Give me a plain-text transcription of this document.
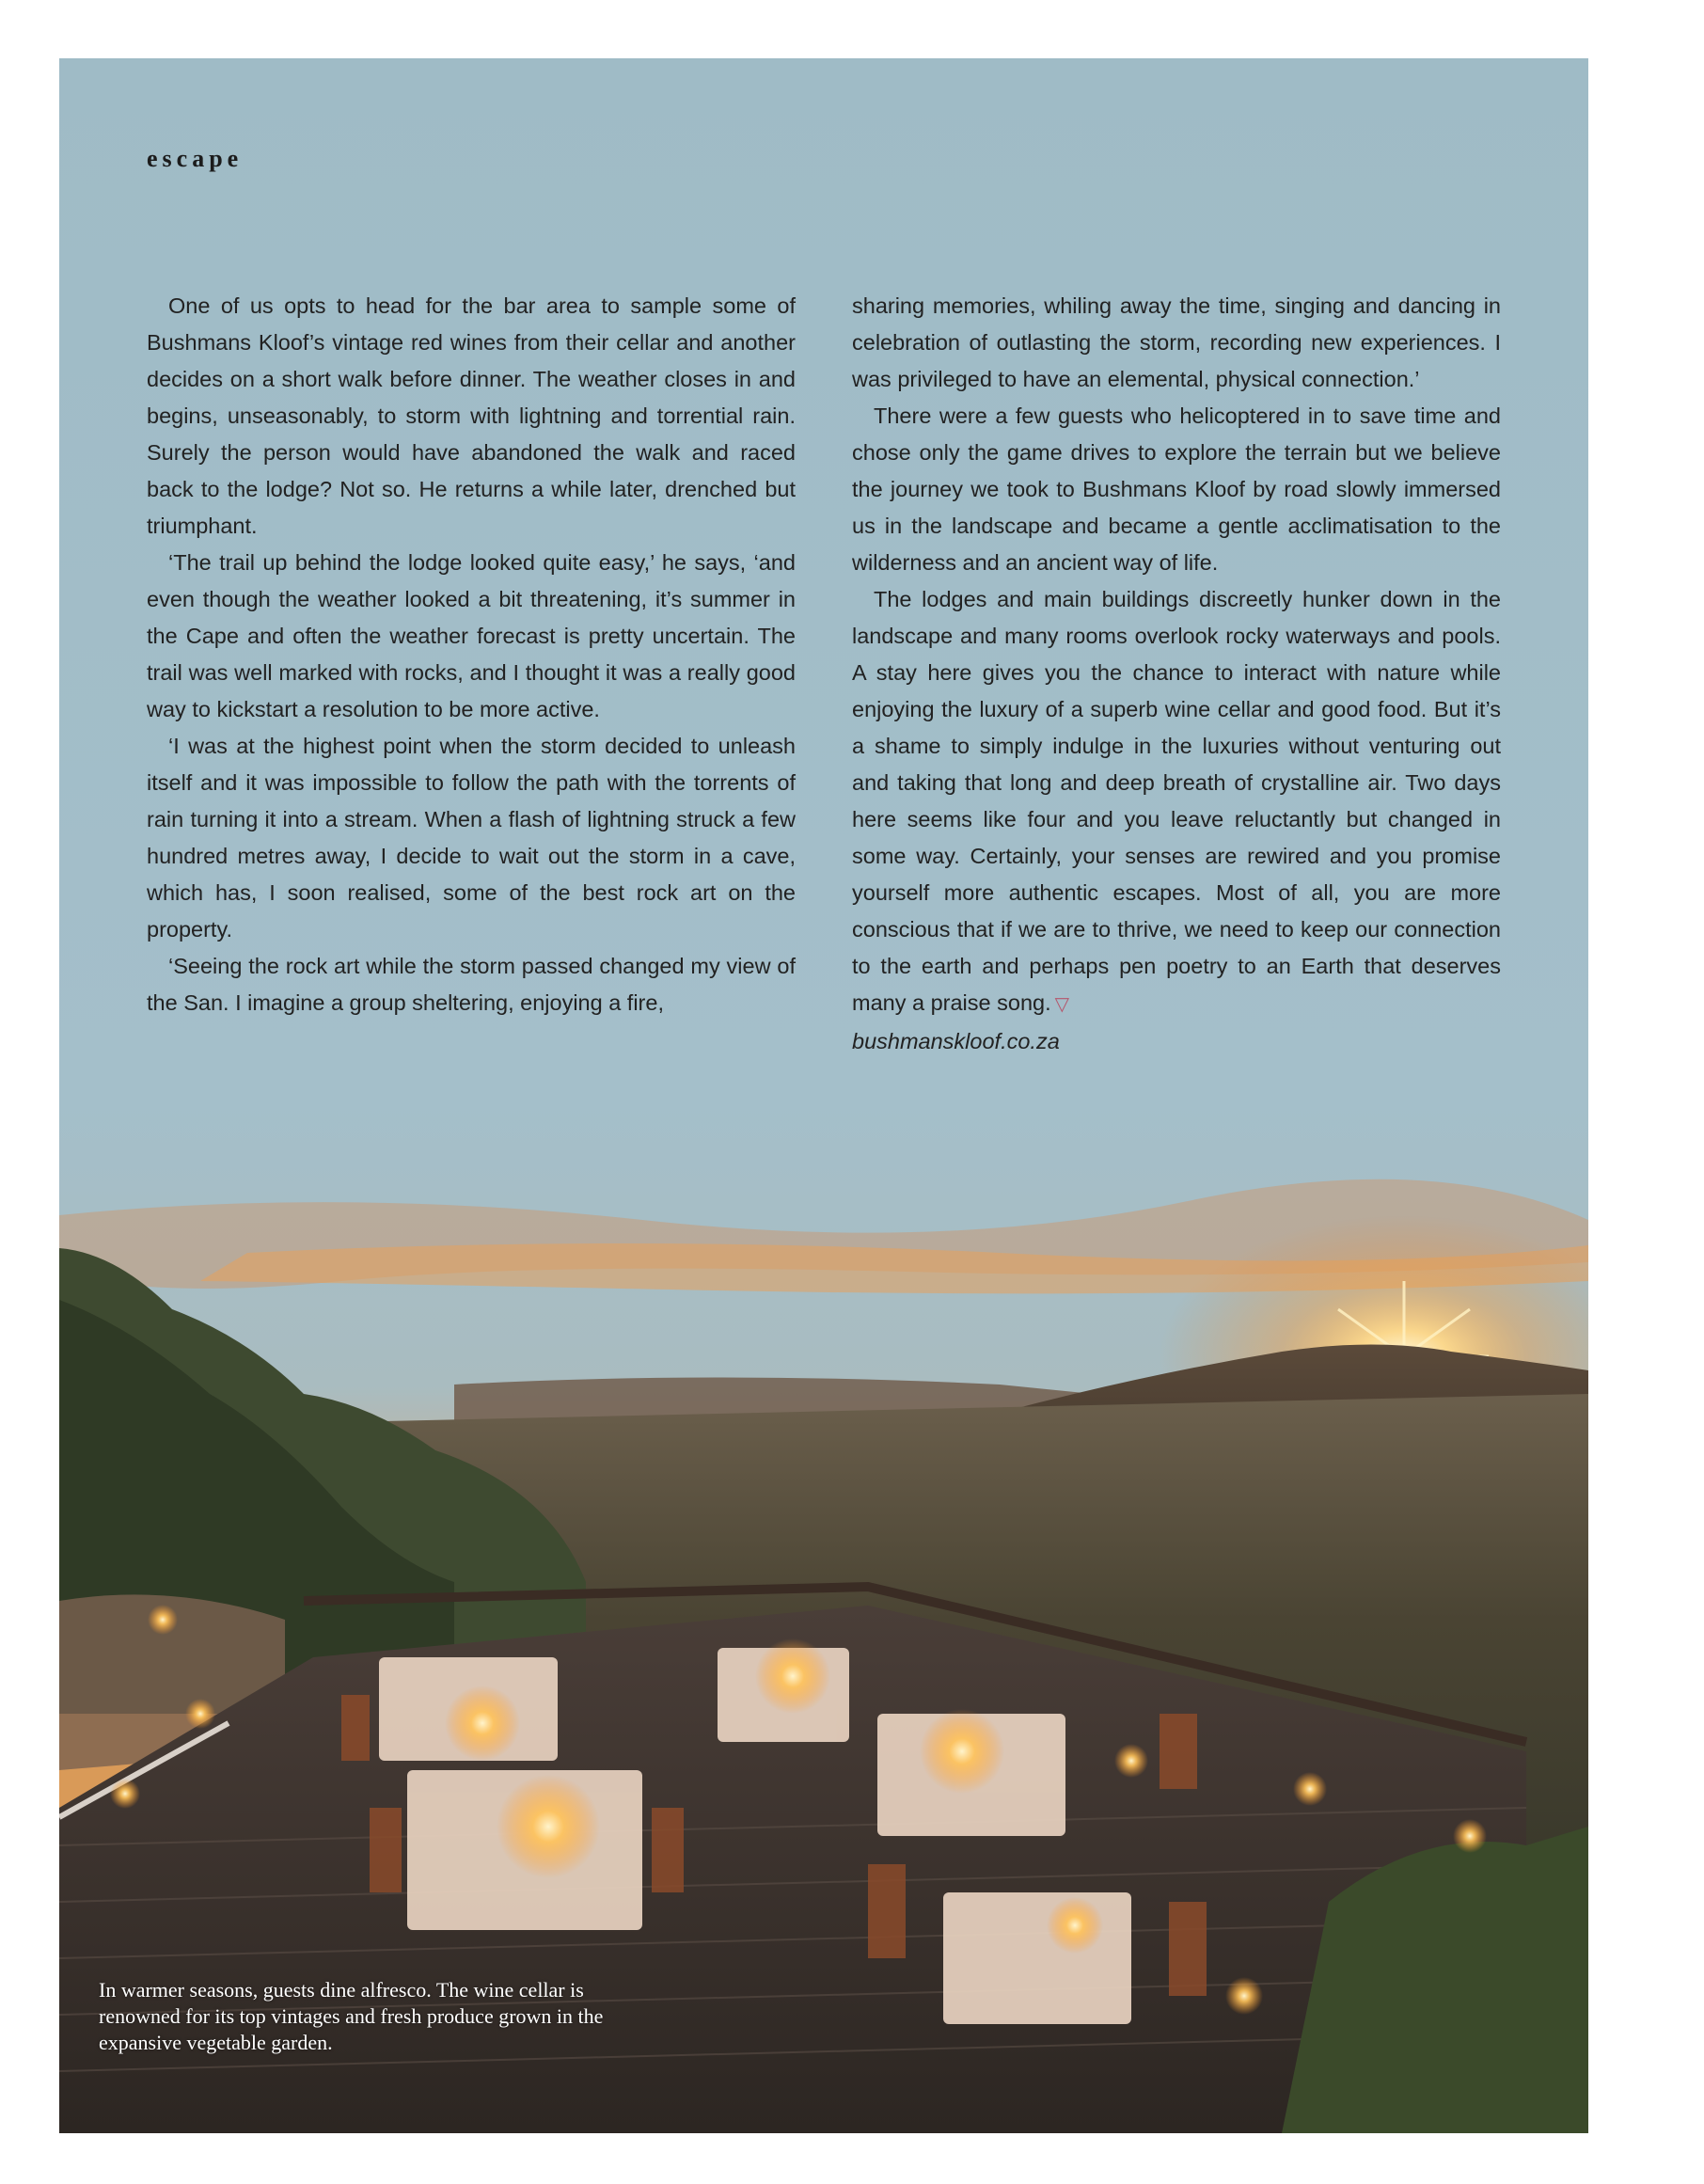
escape

One of us opts to head for the bar area to sample some of Bushmans Kloof’s vintage red wines from their cellar and another decides on a short walk before dinner. The weather closes in and begins, unseasonably, to storm with lightning and torrential rain. Surely the person would have abandoned the walk and raced back to the lodge? Not so. He returns a while later, drenched but triumphant.

‘The trail up behind the lodge looked quite easy,’ he says, ‘and even though the weather looked a bit threatening, it’s summer in the Cape and often the weather forecast is pretty uncertain. The trail was well marked with rocks, and I thought it was a really good way to kickstart a resolution to be more active.

‘I was at the highest point when the storm decided to unleash itself and it was impossible to follow the path with the torrents of rain turning it into a stream. When a flash of lightning struck a few hundred metres away, I decide to wait out the storm in a cave, which has, I soon realised, some of the best rock art on the property.

‘Seeing the rock art while the storm passed changed my view of the San. I imagine a group sheltering, enjoying a fire,

sharing memories, whiling away the time, singing and dancing in celebration of outlasting the storm, recording new experiences. I was privileged to have an elemental, physical connection.’

There were a few guests who helicoptered in to save time and chose only the game drives to explore the terrain but we believe the journey we took to Bushmans Kloof by road slowly immersed us in the landscape and became a gentle acclimatisation to the wilderness and an ancient way of life.

The lodges and main buildings discreetly hunker down in the landscape and many rooms overlook rocky waterways and pools. A stay here gives you the chance to interact with nature while enjoying the luxury of a superb wine cellar and good food. But it’s a shame to simply indulge in the luxuries without venturing out and taking that long and deep breath of crystalline air. Two days here seems like four and you leave reluctantly but changed in some way. Certainly, your senses are rewired and you promise yourself more authentic escapes. Most of all, you are more conscious that if we are to thrive, we need to keep our connection to the earth and perhaps pen poetry to an Earth that deserves many a praise song. ▽

bushmanskloof.co.za

In warmer seasons, guests dine alfresco. The wine cellar is renowned for its top vintages and fresh produce grown in the expansive vegetable garden.
